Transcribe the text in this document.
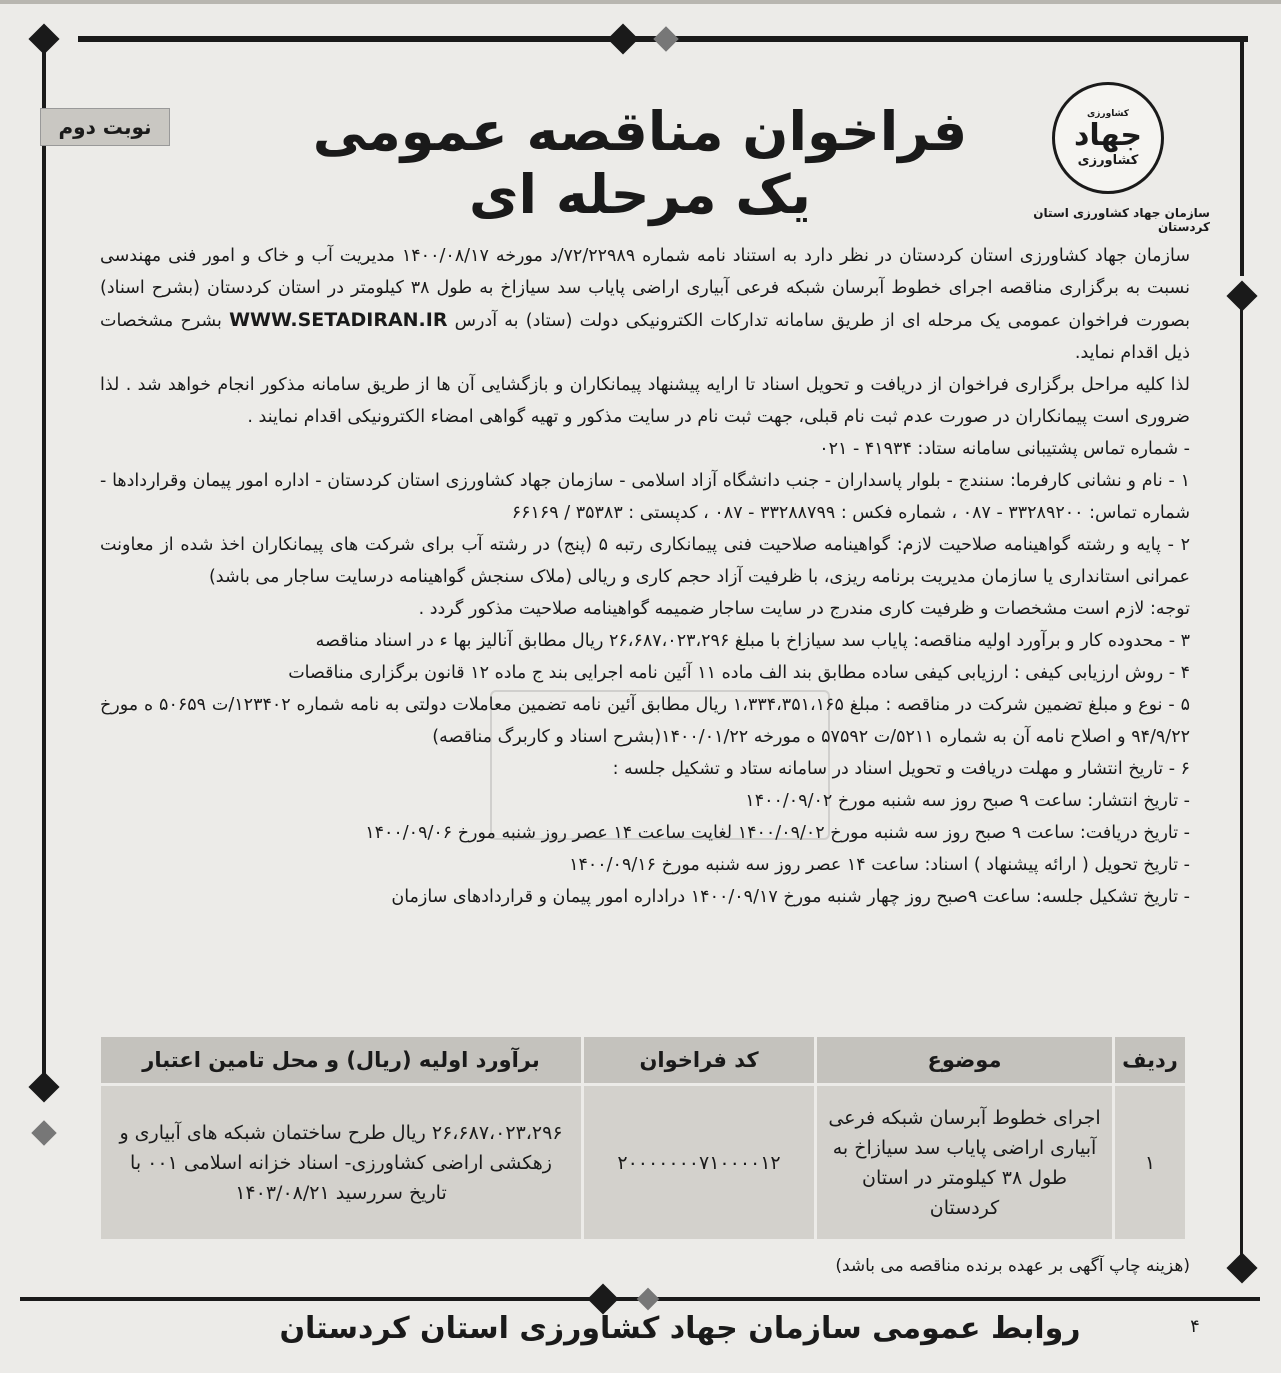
کشاورزی
جهاد
کشاورزی
سازمان جهاد کشاورزی استان کردستان
فراخوان مناقصه عمومی یک مرحله ای
نوبت دوم

سازمان جهاد کشاورزی استان کردستان در نظر دارد به استناد نامه شماره ۷۲/۲۲۹۸۹/د مورخه ۱۴۰۰/۰۸/۱۷ مدیریت آب و خاک و امور فنی مهندسی نسبت به برگزاری مناقصه اجرای خطوط آبرسان شبکه فرعی آبیاری اراضی پایاب سد سیازاخ به طول ۳۸ کیلومتر در استان کردستان (بشرح اسناد) بصورت فراخوان عمومی یک مرحله ای از طریق سامانه تدارکات الکترونیکی دولت (ستاد) به آدرس WWW.SETADIRAN.IR بشرح مشخصات ذیل اقدام نماید.

لذا کلیه مراحل برگزاری فراخوان از دریافت و تحویل اسناد تا ارایه پیشنهاد پیمانکاران و بازگشایی آن ها از طریق سامانه مذکور انجام خواهد شد . لذا ضروری است پیمانکاران در صورت عدم ثبت نام قبلی، جهت ثبت نام در سایت مذکور و تهیه گواهی امضاء الکترونیکی اقدام نمایند .

- شماره تماس پشتیبانی سامانه ستاد: ۴۱۹۳۴ - ۰۲۱

۱ - نام و نشانی کارفرما: سنندج - بلوار پاسداران - جنب دانشگاه آزاد اسلامی - سازمان جهاد کشاورزی استان کردستان - اداره امور پیمان وقراردادها - شماره تماس: ۳۳۲۸۹۲۰۰ - ۰۸۷ ، شماره فکس : ۳۳۲۸۸۷۹۹ - ۰۸۷ ، کدپستی : ۳۵۳۸۳ / ۶۶۱۶۹

۲ - پایه و رشته گواهینامه صلاحیت لازم: گواهینامه صلاحیت فنی پیمانکاری رتبه ۵ (پنج) در رشته آب برای شرکت های پیمانکاران اخذ شده از معاونت عمرانی استانداری یا سازمان مدیریت برنامه ریزی، با ظرفیت آزاد حجم کاری و ریالی (ملاک سنجش گواهینامه درسایت ساجار می باشد)

توجه: لازم است مشخصات و ظرفیت کاری مندرج در سایت ساجار ضمیمه گواهینامه صلاحیت مذکور گردد .

۳ - محدوده کار و برآورد اولیه مناقصه: پایاب سد سیازاخ با مبلغ ۲۶،۶۸۷،۰۲۳،۲۹۶ ریال مطابق آنالیز بها ء در اسناد مناقصه

۴ - روش ارزیابی کیفی : ارزیابی کیفی ساده مطابق بند الف ماده ۱۱ آئین نامه اجرایی بند ج ماده ۱۲ قانون برگزاری مناقصات

۵ - نوع و مبلغ تضمین شرکت در مناقصه : مبلغ ۱،۳۳۴،۳۵۱،۱۶۵ ریال مطابق آئین نامه تضمین معاملات دولتی به نامه شماره ۱۲۳۴۰۲/ت ۵۰۶۵۹ ه مورخ ۹۴/۹/۲۲ و اصلاح نامه آن به شماره ۵۲۱۱/ت ۵۷۵۹۲ ه مورخه ۱۴۰۰/۰۱/۲۲(بشرح اسناد و کاربرگ مناقصه)

۶ - تاریخ انتشار و مهلت دریافت و تحویل اسناد در سامانه ستاد و تشکیل جلسه :

- تاریخ انتشار: ساعت ۹ صبح روز سه شنبه مورخ ۱۴۰۰/۰۹/۰۲

- تاریخ دریافت: ساعت ۹ صبح روز سه شنبه مورخ ۱۴۰۰/۰۹/۰۲ لغایت ساعت ۱۴ عصر روز شنبه مورخ ۱۴۰۰/۰۹/۰۶

- تاریخ تحویل ( ارائه پیشنهاد ) اسناد: ساعت ۱۴ عصر روز سه شنبه مورخ ۱۴۰۰/۰۹/۱۶

- تاریخ تشکیل جلسه: ساعت ۹صبح روز چهار شنبه مورخ ۱۴۰۰/۰۹/۱۷ دراداره امور پیمان و قراردادهای سازمان

ردیف	موضوع	کد فراخوان	برآورد اولیه (ریال) و محل تامین اعتبار
۱	اجرای خطوط آبرسان شبکه فرعی آبیاری اراضی پایاب سد سیازاخ به طول ۳۸ کیلومتر در استان کردستان	۲۰۰۰۰۰۰۰۷۱۰۰۰۰۱۲	۲۶،۶۸۷،۰۲۳،۲۹۶ ریال طرح ساختمان شبکه های آبیاری و زهکشی اراضی کشاورزی- اسناد خزانه اسلامی ۰۰۱ با تاریخ سررسید ۱۴۰۳/۰۸/۲۱
(هزینه چاپ آگهی بر عهده برنده مناقصه می باشد)
روابط عمومی سازمان جهاد کشاورزی استان کردستان	۴
